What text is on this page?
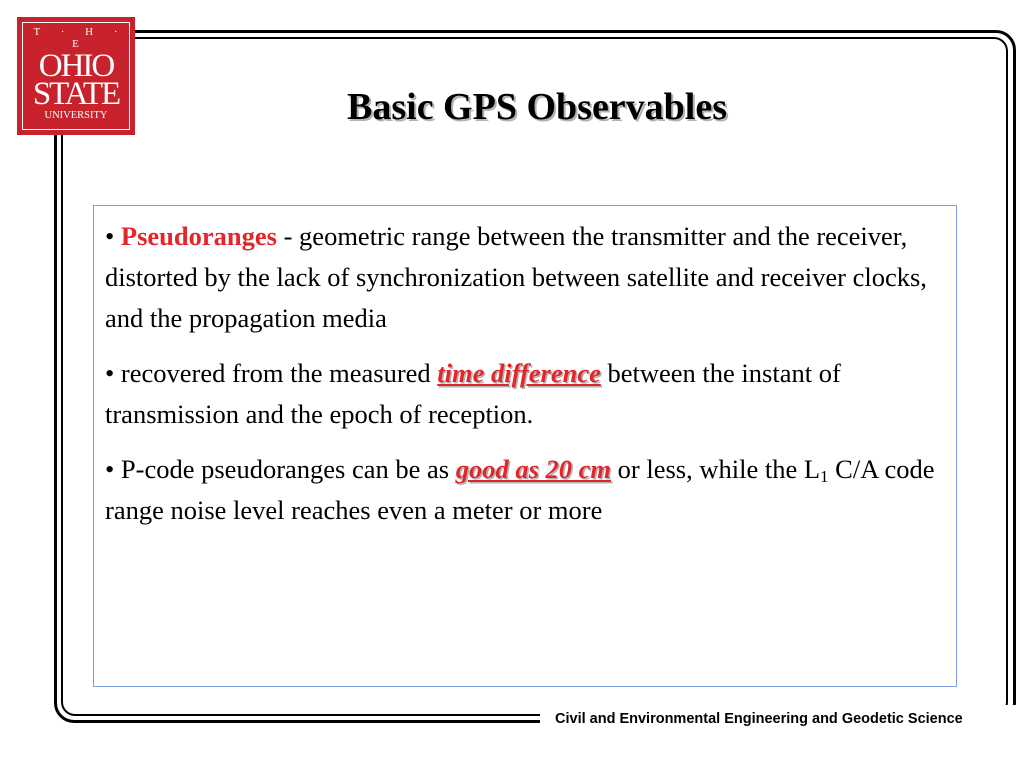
Civil and Environmental Engineering and Geodetic Science
T · H · E
OHIO
STATE
UNIVERSITY	Basic GPS Observables

• Pseudoranges - geometric range between the transmitter and the receiver, distorted by the lack of synchronization between satellite and receiver clocks, and the propagation media

• recovered from the measured time difference between the instant of transmission and the epoch of reception.

• P-code pseudoranges can be as good as 20 cm or less, while the $L_1$ C/A code range noise level reaches even a meter or more
